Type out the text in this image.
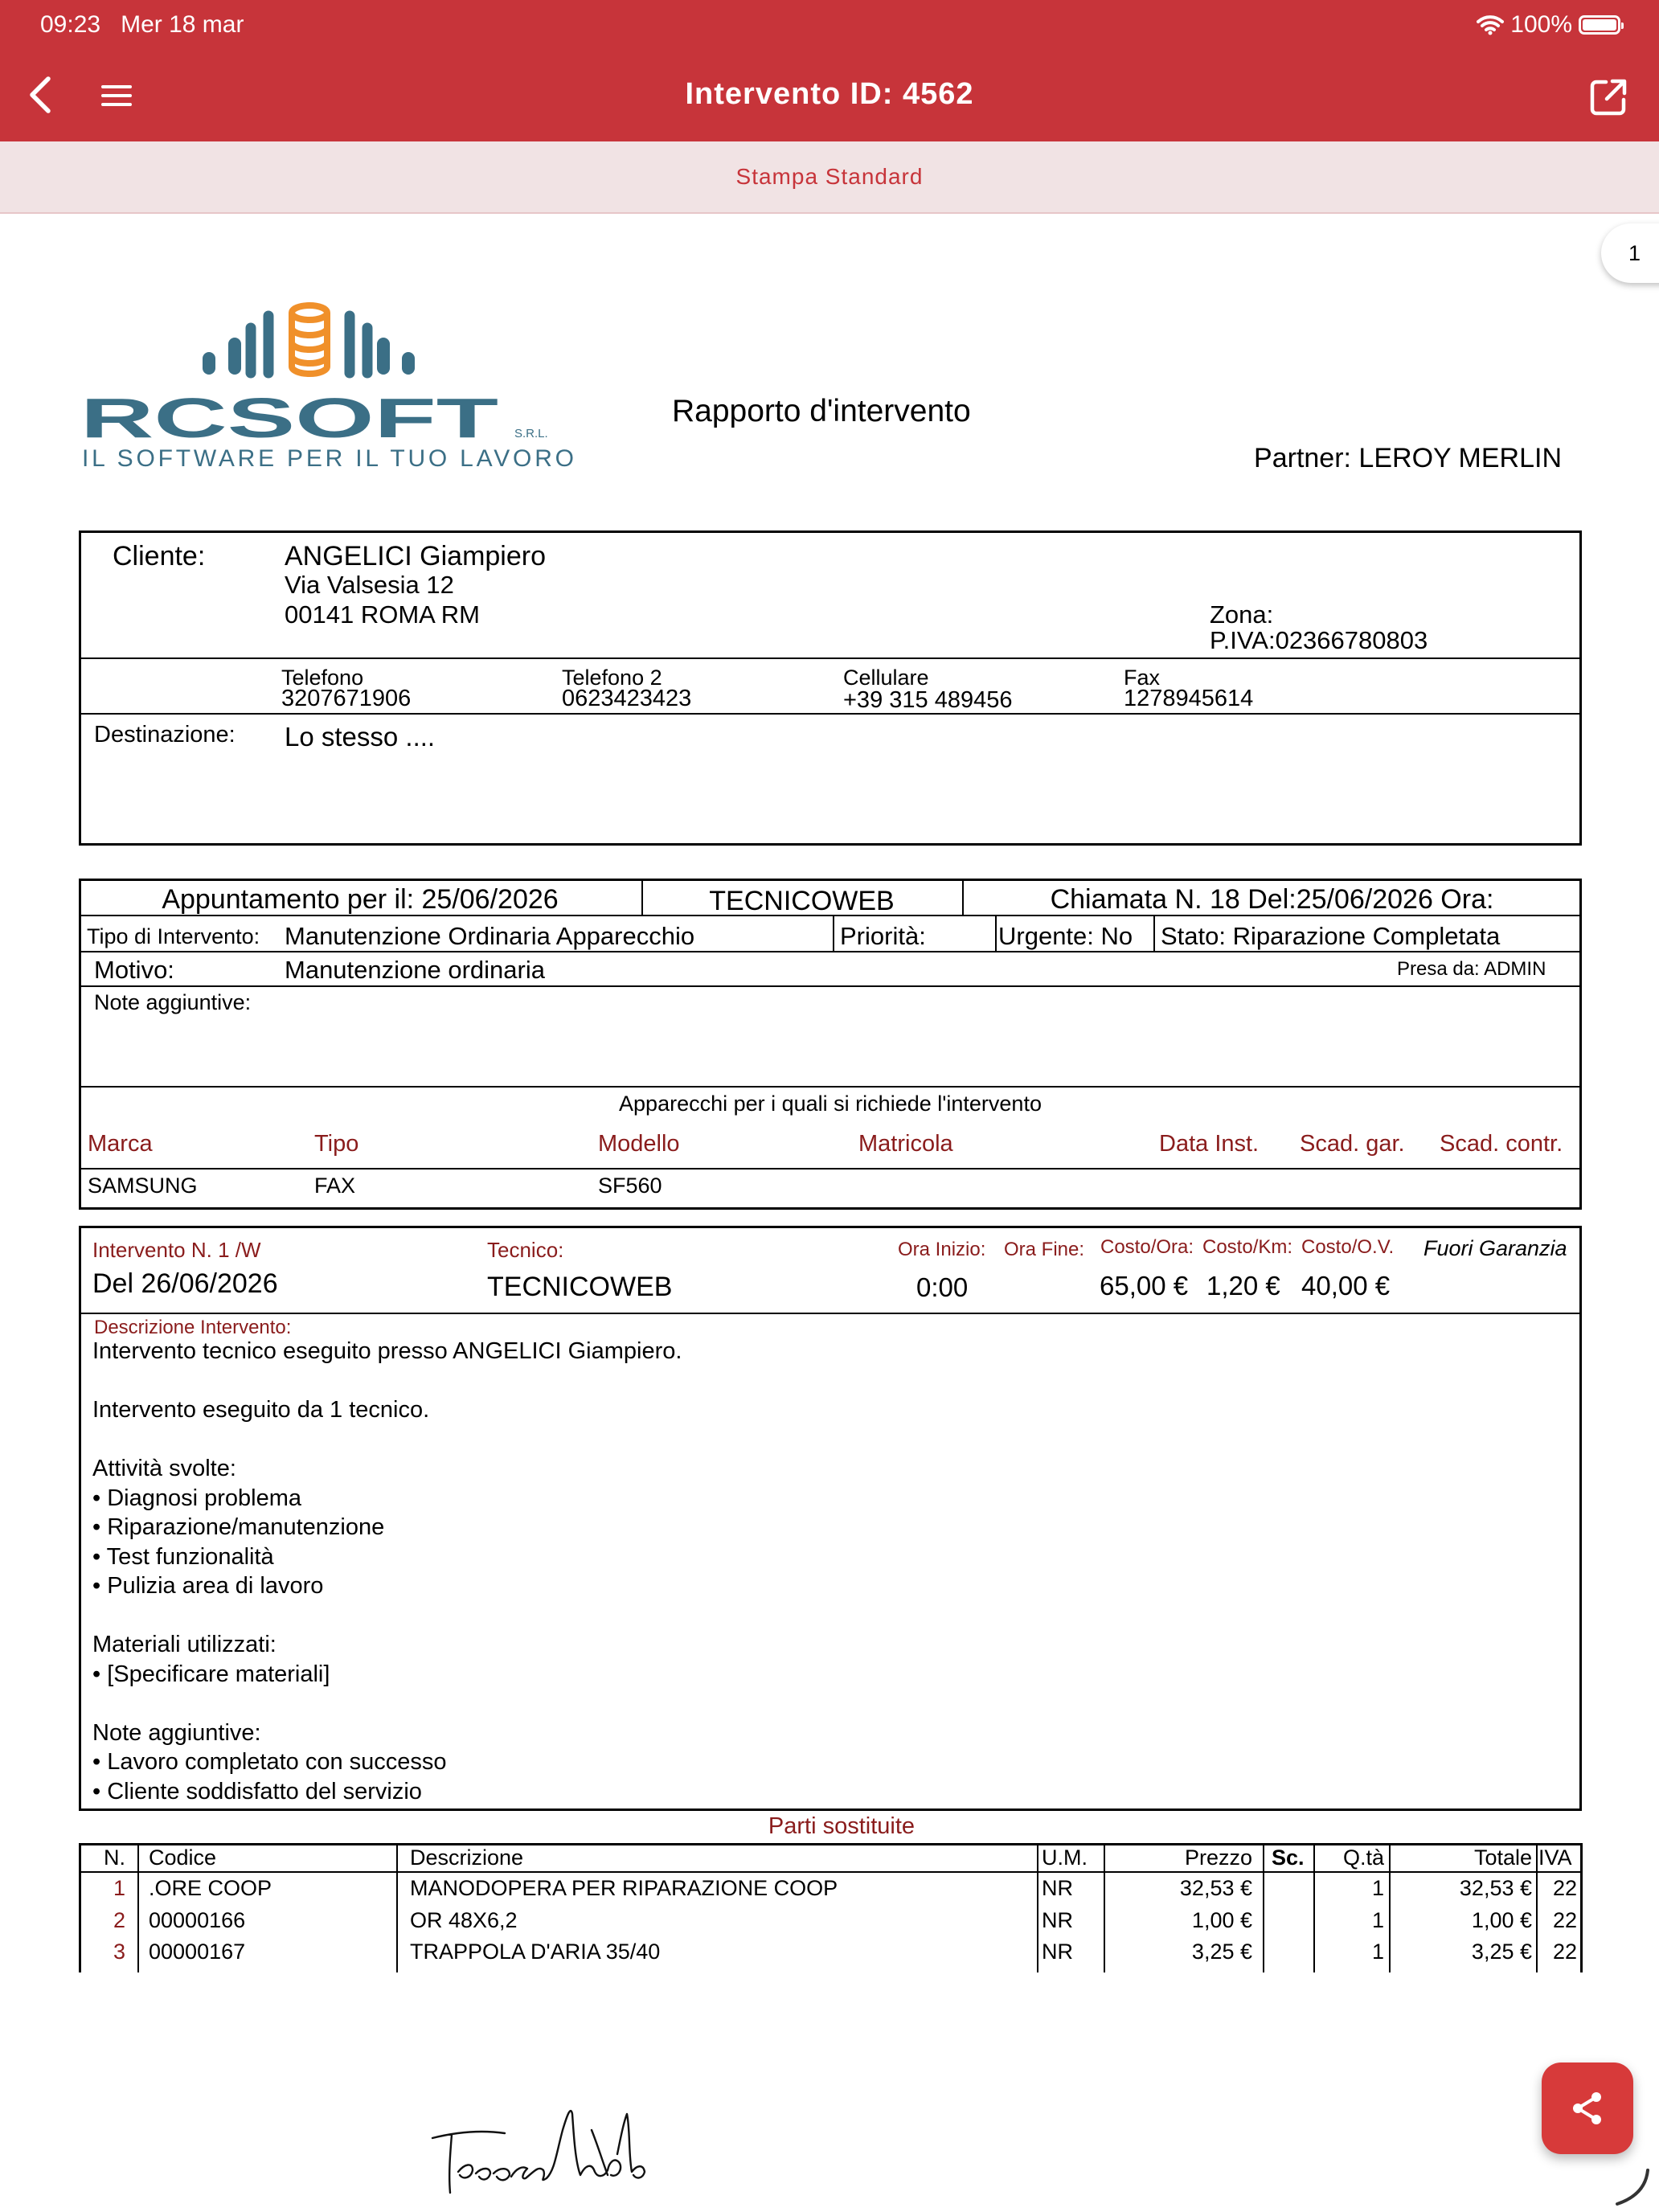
09:23 Mer 18 mar	100%
Intervento ID: 4562
Stampa Standard
1
RCSOFT S.R.L.
IL SOFTWARE PER IL TUO LAVORO
Rapporto d'intervento
Partner: LEROY MERLIN
Cliente:	ANGELICI Giampiero
Via Valsesia 12
00141 ROMA RM	Zona:
P.IVA:02366780803
Telefono
3207671906
Telefono 2
0623423423
Cellulare
+39 315 489456
Fax
1278945614
Destinazione: Lo stesso ....
Appuntamento per il: 25/06/2026	TECNICOWEB	Chiamata N. 18 Del:25/06/2026 Ora:
Tipo di Intervento: Manutenzione Ordinaria Apparecchio	Priorità:	Urgente: No Stato: Riparazione Completata
Motivo:	Manutenzione ordinaria	Presa da: ADMIN
Note aggiuntive:
Apparecchi per i quali si richiede l'intervento
Marca	Tipo	Modello	Matricola	Data Inst. Scad. gar. Scad. contr.
SAMSUNG	FAX	SF560
Intervento N. 1 /W
Del 26/06/2026
Tecnico:
TECNICOWEB
Ora Inizio: Ora Fine:
0:00
Costo/Ora: Costo/Km: Costo/O.V.
65,00 € 1,20 € 40,00 €
Fuori Garanzia
Descrizione Intervento:
Intervento tecnico eseguito presso ANGELICI Giampiero.

Intervento eseguito da 1 tecnico.

Attività svolte:
• Diagnosi problema
• Riparazione/manutenzione
• Test funzionalità
• Pulizia area di lavoro

Materiali utilizzati:
• [Specificare materiali]

Note aggiuntive:
• Lavoro completato con successo
• Cliente soddisfatto del servizio
Parti sostituite
N. Codice	Descrizione	U.M.	Prezzo Sc.	Q.tà	Totale IVA
1 .ORE COOP	MANODOPERA PER RIPARAZIONE COOP	NR	32,53 €	1	32,53 € 22
2 00000166	OR 48X6,2	NR	1,00 €	1	1,00 € 22
3 00000167	TRAPPOLA D'ARIA 35/40	NR	3,25 €	1	3,25 € 22
